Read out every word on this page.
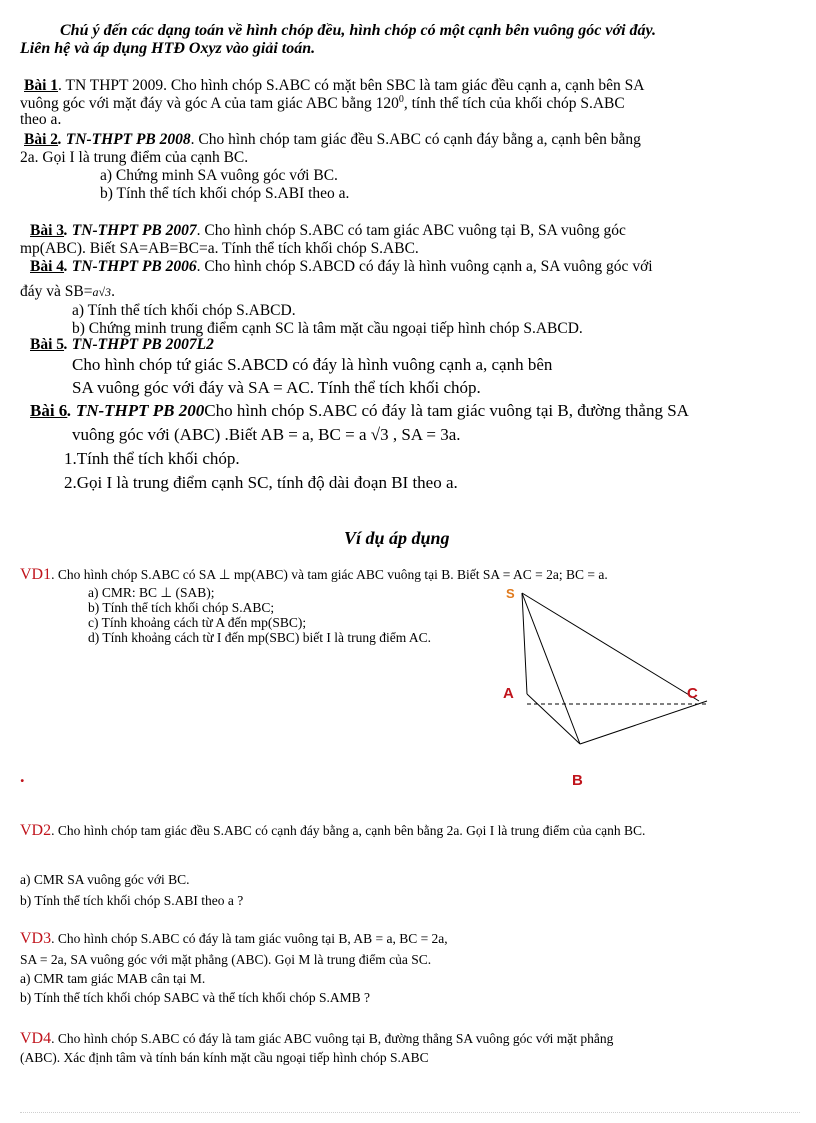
Chú ý đến các dạng toán về hình chóp đều, hình chóp có một cạnh bên vuông góc với đáy.
Liên hệ và áp dụng HTĐ Oxyz vào giải toán.
Bài 1. TN THPT 2009. Cho hình chóp S.ABC có mặt bên SBC là tam giác đều cạnh a, cạnh bên SA
vuông góc với mặt đáy và góc A của tam giác ABC bằng $120^0$, tính thể tích của khối chóp S.ABC
theo a.
Bài 2. TN-THPT PB 2008. Cho hình chóp tam giác đều S.ABC có cạnh đáy bằng a, cạnh bên bằng
2a. Gọi I là trung điểm của cạnh BC.
a) Chứng minh SA vuông góc với BC.
b) Tính thể tích khối chóp S.ABI theo a.
Bài 3. TN-THPT PB 2007. Cho hình chóp S.ABC có tam giác ABC vuông tại B, SA vuông góc
mp(ABC). Biết SA=AB=BC=a. Tính thể tích khối chóp S.ABC.
Bài 4. TN-THPT PB 2006. Cho hình chóp S.ABCD có đáy là hình vuông cạnh a, SA vuông góc với
đáy và SB=a√3.
a) Tính thể tích khối chóp S.ABCD.
b) Chứng minh trung điểm cạnh SC là tâm mặt cầu ngoại tiếp hình chóp S.ABCD.
Bài 5. TN-THPT PB 2007L2
Cho hình chóp tứ giác S.ABCD có đáy là hình vuông cạnh a, cạnh bên
SA vuông góc với đáy và SA = AC. Tính thể tích khối chóp.
Bài 6. TN-THPT PB 200Cho hình chóp S.ABC có đáy là tam giác vuông tại B, đường thẳng SA
vuông góc với (ABC) .Biết AB = a, BC = a √3 , SA = 3a.
1.Tính thể tích khối chóp.
2.Gọi I là trung điểm cạnh SC, tính độ dài đoạn BI theo a.
Ví dụ áp dụng
VD1. Cho hình chóp S.ABC có SA ⊥ mp(ABC) và tam giác ABC vuông tại B. Biết SA = AC = 2a; BC = a.
a) CMR: BC ⊥ (SAB);
b) Tính thể tích khối chóp S.ABC;
c) Tính khoảng cách từ A đến mp(SBC);
d) Tính khoảng cách từ I đến mp(SBC) biết I là trung điểm AC.
S
A	C
B
.
VD2. Cho hình chóp tam giác đều S.ABC có cạnh đáy bằng a, cạnh bên bằng 2a. Gọi I là trung điểm của cạnh BC.
a) CMR SA vuông góc với BC.
b) Tính thể tích khối chóp S.ABI theo a ?
VD3. Cho hình chóp S.ABC có đáy là tam giác vuông tại B, AB = a, BC = 2a,
SA = 2a, SA vuông góc với mặt phẳng (ABC). Gọi M là trung điểm của SC.
a) CMR tam giác MAB cân tại M.
b) Tính thể tích khối chóp SABC và thể tích khối chóp S.AMB ?
VD4. Cho hình chóp S.ABC có đáy là tam giác ABC vuông tại B, đường thẳng SA vuông góc với mặt phẳng
(ABC). Xác định tâm và tính bán kính mặt cầu ngoại tiếp hình chóp S.ABC
